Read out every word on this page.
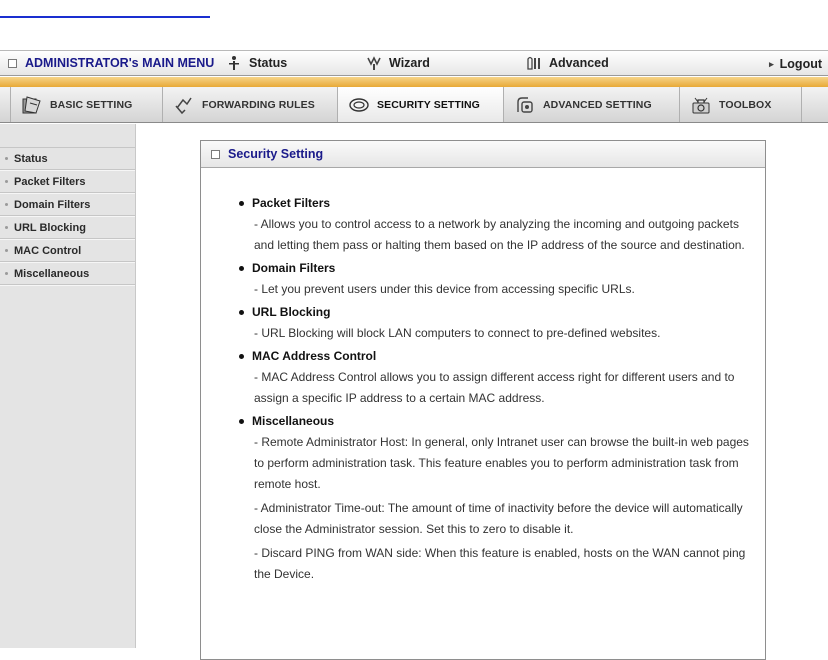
ADMINISTRATOR's MAIN MENU	Status	Wizard	Advanced	▸ Logout
BASIC SETTING	FORWARDING RULES	SECURITY SETTING	ADVANCED SETTING	TOOLBOX
Status
Packet Filters
Domain Filters
URL Blocking
MAC Control
Miscellaneous
Security Setting
Packet Filters
- Allows you to control access to a network by analyzing the incoming and outgoing packets and letting them pass or halting them based on the IP address of the source and destination.
Domain Filters
- Let you prevent users under this device from accessing specific URLs.
URL Blocking
- URL Blocking will block LAN computers to connect to pre-defined websites.
MAC Address Control
- MAC Address Control allows you to assign different access right for different users and to assign a specific IP address to a certain MAC address.
Miscellaneous
- Remote Administrator Host: In general, only Intranet user can browse the built-in web pages to perform administration task. This feature enables you to perform administration task from remote host.
- Administrator Time-out: The amount of time of inactivity before the device will automatically close the Administrator session. Set this to zero to disable it.
- Discard PING from WAN side: When this feature is enabled, hosts on the WAN cannot ping the Device.
